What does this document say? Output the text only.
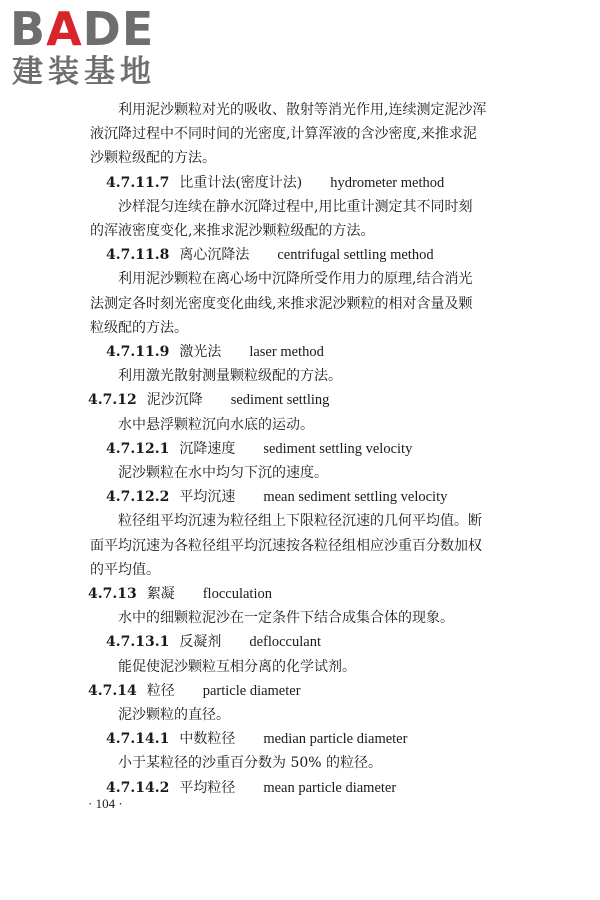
BADE
建装基地
利用泥沙颗粒对光的吸收、散射等消光作用,连续测定泥沙浑
液沉降过程中不同时间的光密度,计算浑液的含沙密度,来推求泥
沙颗粒级配的方法。
4.7.11.7 比重计法(密度计法) hydrometer method
沙样混匀连续在静水沉降过程中,用比重计测定其不同时刻
的浑液密度变化,来推求泥沙颗粒级配的方法。
4.7.11.8 离心沉降法 centrifugal settling method
利用泥沙颗粒在离心场中沉降所受作用力的原理,结合消光
法测定各时刻光密度变化曲线,来推求泥沙颗粒的相对含量及颗
粒级配的方法。
4.7.11.9 激光法 laser method
利用激光散射测量颗粒级配的方法。
4.7.12 泥沙沉降 sediment settling
水中悬浮颗粒沉向水底的运动。
4.7.12.1 沉降速度 sediment settling velocity
泥沙颗粒在水中均匀下沉的速度。
4.7.12.2 平均沉速 mean sediment settling velocity
粒径组平均沉速为粒径组上下限粒径沉速的几何平均值。断
面平均沉速为各粒径组平均沉速按各粒径组相应沙重百分数加权
的平均值。
4.7.13 絮凝 flocculation
水中的细颗粒泥沙在一定条件下结合成集合体的现象。
4.7.13.1 反凝剂 deflocculant
能促使泥沙颗粒互相分离的化学试剂。
4.7.14 粒径 particle diameter
泥沙颗粒的直径。
4.7.14.1 中数粒径 median particle diameter
小于某粒径的沙重百分数为 50% 的粒径。
4.7.14.2 平均粒径 mean particle diameter
· 104 ·
